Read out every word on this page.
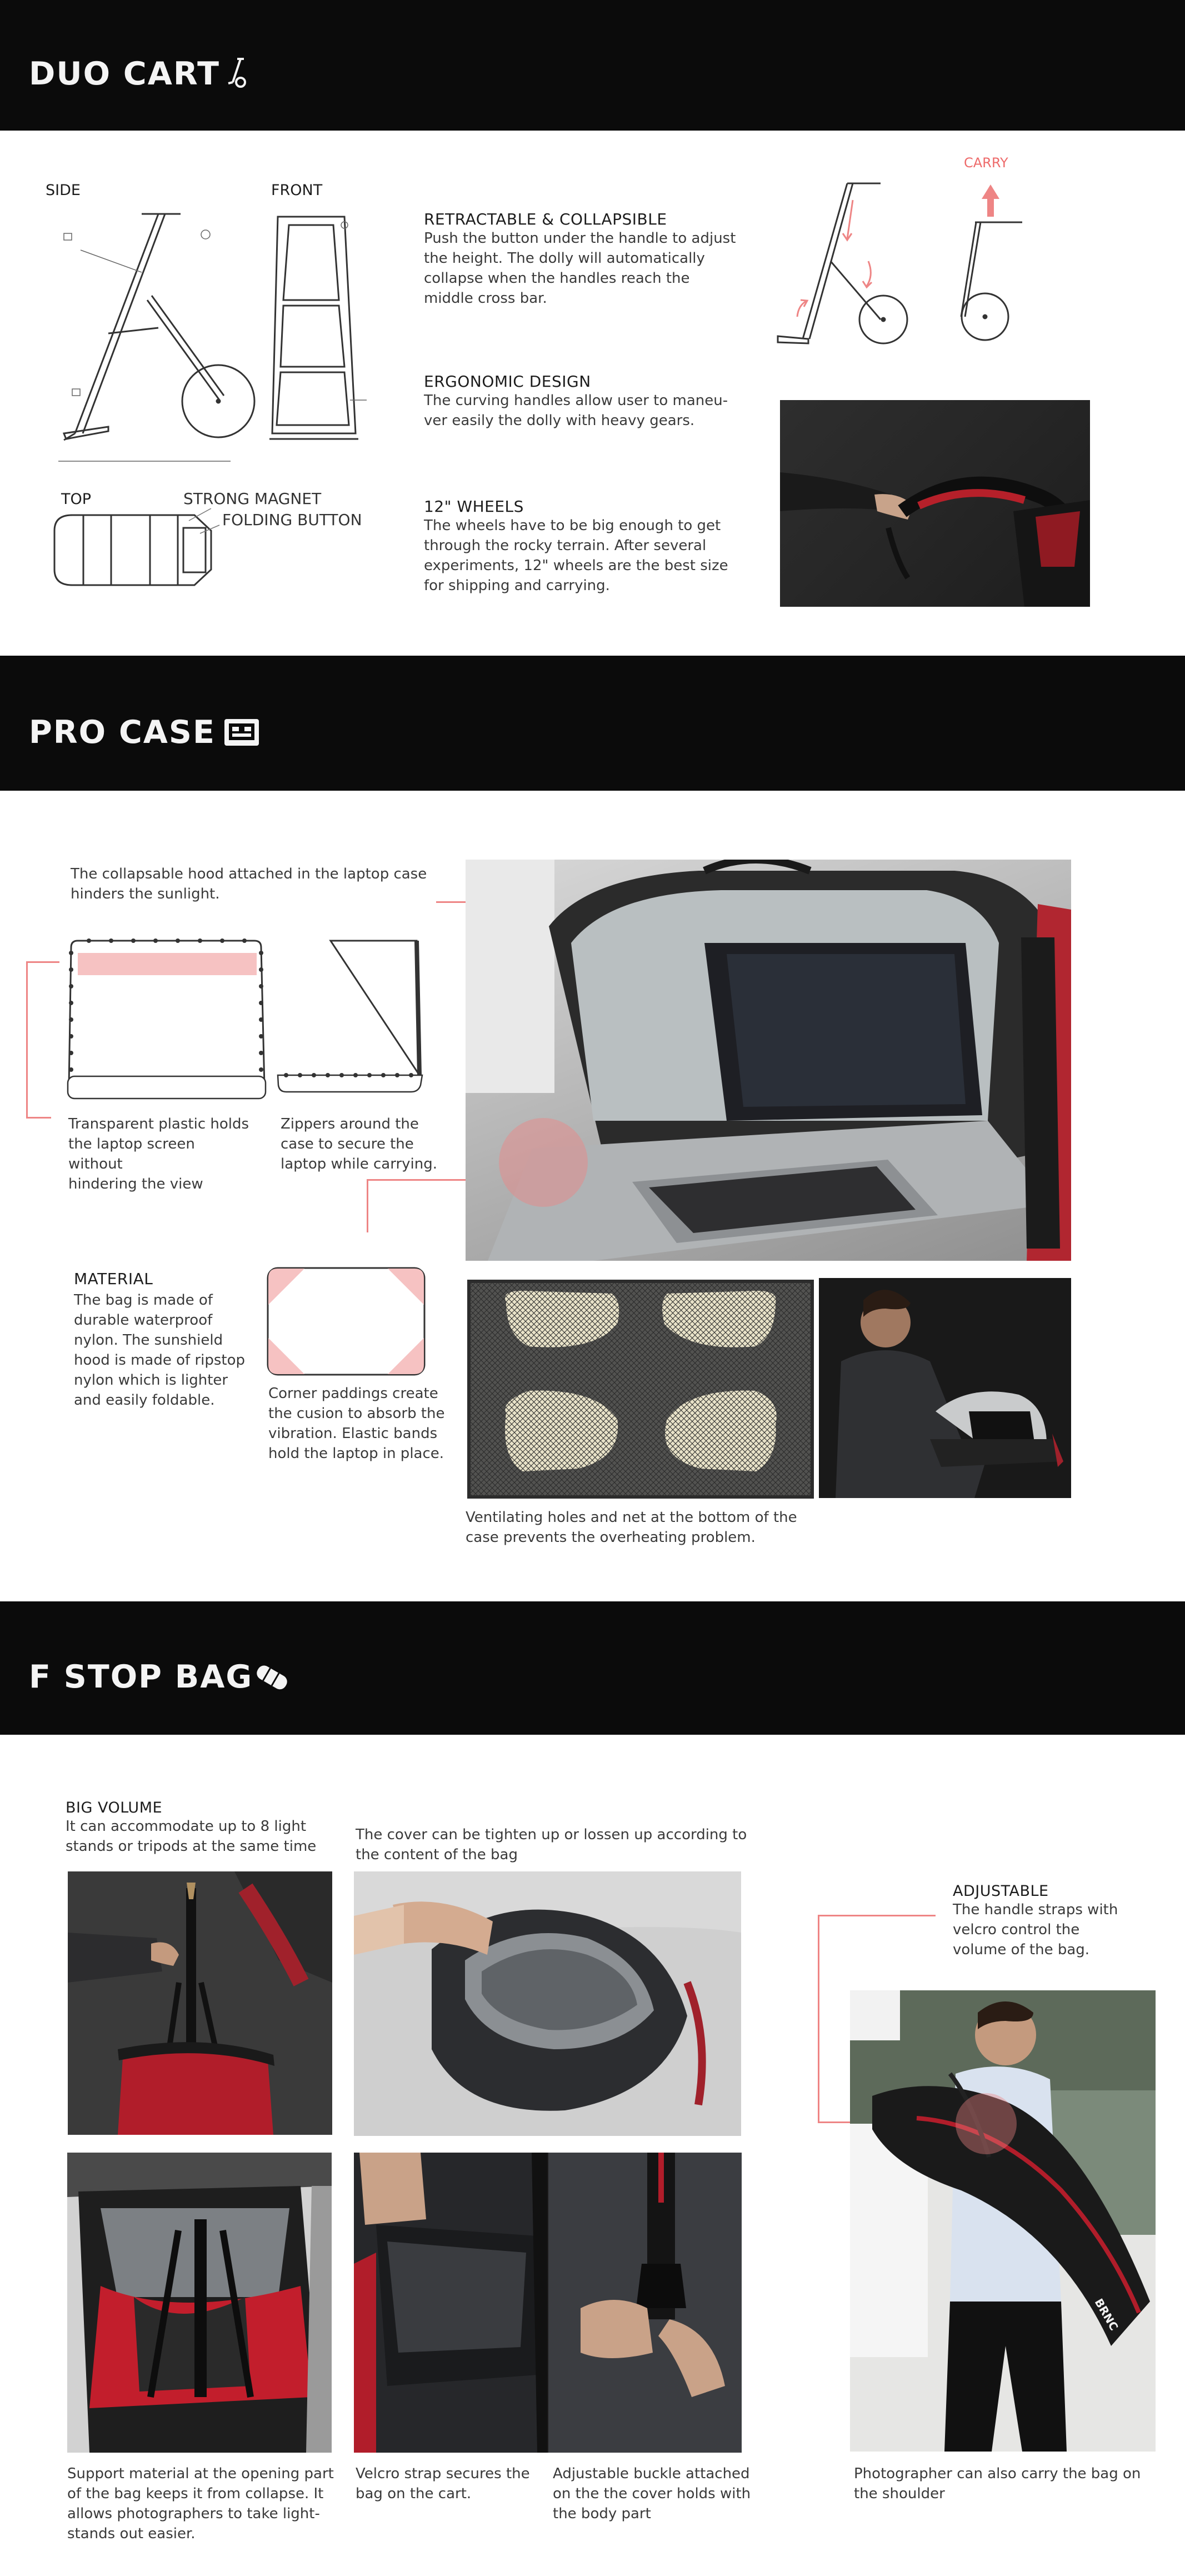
DUO CART
SIDE	FRONT
TOP	STRONG MAGNET
FOLDING BUTTON
RETRACTABLE & COLLAPSIBLE
Push the button under the handle to adjust
the height. The dolly will automatically
collapse when the handles reach the
middle cross bar.
ERGONOMIC DESIGN
The curving handles allow user to maneu-
ver easily the dolly with heavy gears.
12" WHEELS
The wheels have to be big enough to get
through the rocky terrain. After several
experiments, 12" wheels are the best size
for shipping and carrying.
CARRY
PRO CASE
The collapsable hood attached in the laptop case
hinders the sunlight.
Transparent plastic holds
the laptop screen without
hindering the view
Zippers around the
case to secure the
laptop while carrying.
MATERIAL
The bag is made of
durable waterproof
nylon. The sunshield
hood is made of ripstop
nylon which is lighter
and easily foldable.	Corner paddings create
the cusion to absorb the
vibration. Elastic bands
hold the laptop in place.
Ventilating holes and net at the bottom of the
case prevents the overheating problem.
F STOP BAG
BIG VOLUME
It can accommodate up to 8 light
stands or tripods at the same time
The cover can be tighten up or lossen up according to
the content of the bag
ADJUSTABLE
The handle straps with
velcro control the
volume of the bag.
BRNC
Support material at the opening part
of the bag keeps it from collapse. It
allows photographers to take light-
stands out easier.
Velcro strap secures the
bag on the cart.
Adjustable buckle attached
on the the cover holds with
the body part
Photographer can also carry the bag on
the shoulder
